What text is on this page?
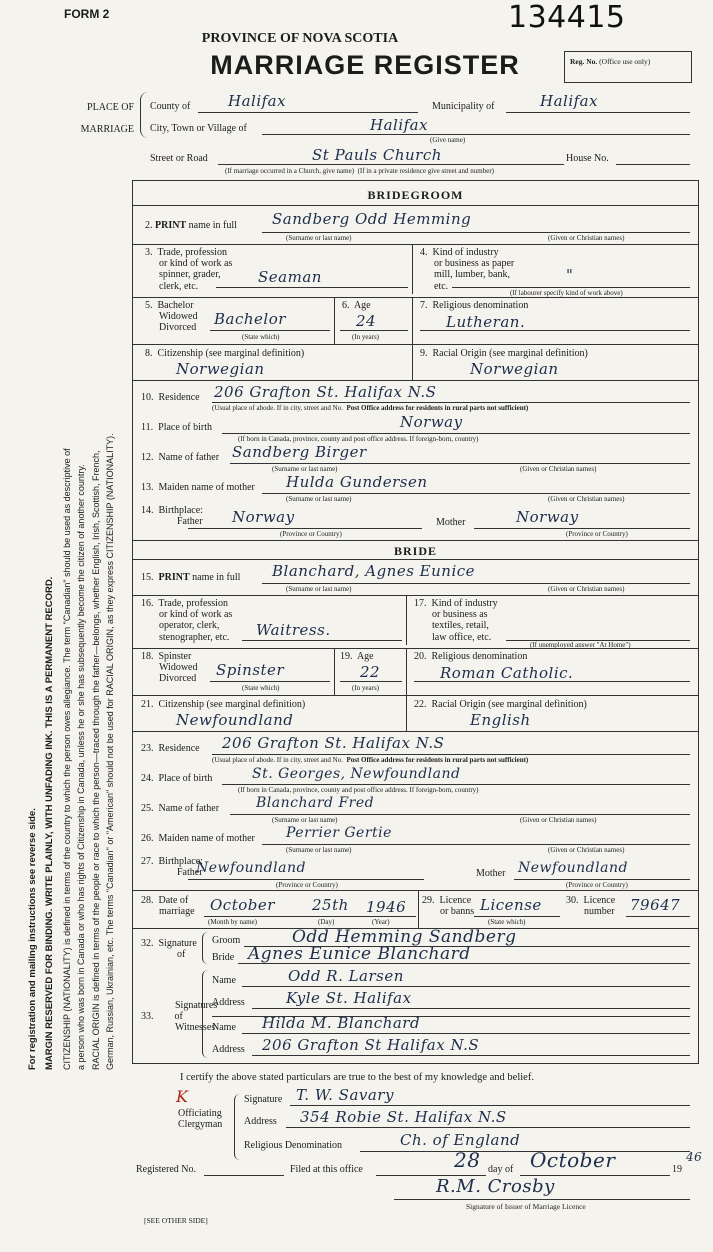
For registration and mailing instructions see reverse side. MARGIN RESERVED FOR BINDING. WRITE PLAINLY, WITH UNFADING INK. THIS IS A PERMANENT RECORD. CITIZENSHIP (NATIONALITY) is defined in terms of the country to which the person owes allegiance. The term "Canadian" should be used as descriptive of a person who was born in Canada or who has rights of Citizenship in Canada, unless he or she has subsequently become the citizen of another country. RACIAL ORIGIN is defined in terms of the people or race to which the person—traced through the father—belongs, whether English, Irish, Scottish, French, German, Russian, Ukrainian, etc. The terms "Canadian" or "American" should not be used for RACIAL ORIGIN, as they express CITIZENSHIP (NATIONALITY).
FORM 2	134415
PROVINCE OF NOVA SCOTIA
MARRIAGE REGISTER	Reg. No. (Office use only)
PLACE OF
MARRIAGE
County of	Halifax	Municipality of	Halifax
City, Town or Village of	Halifax
(Give name)
Street or Road	St Pauls Church	House No.
(If marriage occurred in a Church, give name) (If in a private residence give street and number)
BRIDEGROOM
2. PRINT name in full Sandberg Odd Hemming
(Surname or last name)	(Given or Christian names)
3.  Trade, profession
or kind of work as
spinner, grader,
clerk, etc.
Seaman
4.  Kind of industry
or business as paper
mill, lumber, bank,
etc.
"
(If labourer specify kind of work above)
5.  Bachelor
Widowed
Divorced Bachelor
(State which)
6.  Age
24
(In years)
7.  Religious denomination
Lutheran.
8.  Citizenship (see marginal definition)
Norwegian
9.  Racial Origin (see marginal definition)
Norwegian
10.  Residence 206 Grafton St. Halifax N.S
(Usual place of abode. If in city, street and No. Post Office address for residents in rural parts not sufficient)
11.  Place of birth	Norway
(If born in Canada, province, county and post office address. If foreign-born, country)
12.  Name of father Sandberg Birger
(Surname or last name)	(Given or Christian names)
13.  Maiden name of mother Hulda Gundersen
(Surname or last name)	(Given or Christian names)
14.  Birthplace:
Father Norway
(Province or Country)
Mother	Norway
(Province or Country)
BRIDE
15.  PRINT name in full Blanchard, Agnes Eunice
(Surname or last name)	(Given or Christian names)
16.  Trade, profession
or kind of work as
operator, clerk,
stenographer, etc. Waitress.
17.  Kind of industry
or business as
textiles, retail,
law office, etc.
(If unemployed answer "At Home")
18.  Spinster
Widowed
Divorced Spinster
(State which)
19.  Age
22
(In years)
20.  Religious denomination
Roman Catholic.
21.  Citizenship (see marginal definition)
Newfoundland
22.  Racial Origin (see marginal definition)
English
23.  Residence 206 Grafton St. Halifax N.S
(Usual place of abode. If in city, street and No. Post Office address for residents in rural parts not sufficient)
24.  Place of birth	St. Georges, Newfoundland
(If born in Canada, province, county and post office address. If foreign-born, country)
25.  Name of father	Blanchard Fred
(Surname or last name)	(Given or Christian names)
26.  Maiden name of mother Perrier Gertie
(Surname or last name)	(Given or Christian names)
27.  Birthplace:
Father
Newfoundland
(Province or Country)
Mother Newfoundland
(Province or Country)
28.  Date of
marriage October 25th 1946
(Month by name)	(Day)	(Year)
29.  Licence
or banns License
(State which)
30.  Licence
number 79647
32.  Signature
of
Groom	Odd Hemming Sandberg
Bride Agnes Eunice Blanchard
Signatures
33.  of
Witnesses
Name	Odd R. Larsen
Address	Kyle St. Halifax
Name Hilda M. Blanchard
Address 206 Grafton St Halifax N.S
I certify the above stated particulars are true to the best of my knowledge and belief.
K
Officiating
Clergyman
Signature T. W. Savary
Address 354 Robie St. Halifax N.S
Religious Denomination	Ch. of England
Registered No.	Filed at this office	28 day of October	19
46
R.M. Crosby
Signature of Issuer of Marriage Licence
[SEE OTHER SIDE]
